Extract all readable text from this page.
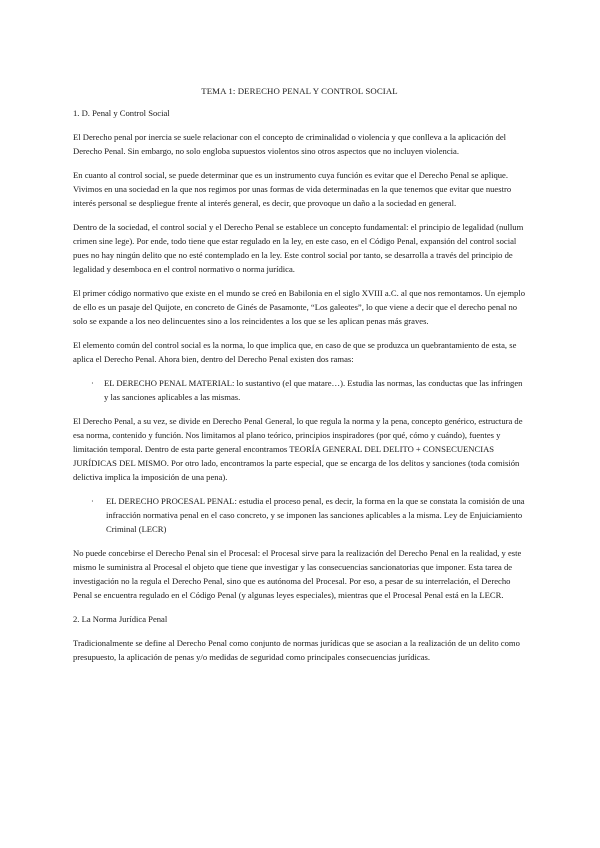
TEMA 1: DERECHO PENAL Y CONTROL SOCIAL
1. D. Penal y Control Social

El Derecho penal por inercia se suele relacionar con el concepto de criminalidad o violencia y que conlleva a la aplicación del Derecho Penal. Sin embargo, no solo engloba supuestos violentos sino otros aspectos que no incluyen violencia.

En cuanto al control social, se puede determinar que es un instrumento cuya función es evitar que el Derecho Penal se aplique. Vivimos en una sociedad en la que nos regimos por unas formas de vida determinadas en la que tenemos que evitar que nuestro interés personal se despliegue frente al interés general, es decir, que provoque un daño a la sociedad en general.

Dentro de la sociedad, el control social y el Derecho Penal se establece un concepto fundamental: el principio de legalidad (nullum crimen sine lege). Por ende, todo tiene que estar regulado en la ley, en este caso, en el Código Penal, expansión del control social pues no hay ningún delito que no esté contemplado en la ley. Este control social por tanto, se desarrolla a través del principio de legalidad y desemboca en el control normativo o norma jurídica.

El primer código normativo que existe en el mundo se creó en Babilonia en el siglo XVIII a.C. al que nos remontamos. Un ejemplo de ello es un pasaje del Quijote, en concreto de Ginés de Pasamonte, “Los galeotes”, lo que viene a decir que el derecho penal no solo se expande a los neo delincuentes sino a los reincidentes a los que se les aplican penas más graves.

El elemento común del control social es la norma, lo que implica que, en caso de que se produzca un quebrantamiento de esta, se aplica el Derecho Penal. Ahora bien, dentro del Derecho Penal existen dos ramas:

· EL DERECHO PENAL MATERIAL: lo sustantivo (el que matare…). Estudia las normas, las conductas que las infringen y las sanciones aplicables a las mismas.

El Derecho Penal, a su vez, se divide en Derecho Penal General, lo que regula la norma y la pena, concepto genérico, estructura de esa norma, contenido y función. Nos limitamos al plano teórico, principios inspiradores (por qué, cómo y cuándo), fuentes y limitación temporal. Dentro de esta parte general encontramos TEORÍA GENERAL DEL DELITO + CONSECUENCIAS JURÍDICAS DEL MISMO. Por otro lado, encontramos la parte especial, que se encarga de los delitos y sanciones (toda comisión delictiva implica la imposición de una pena).

· EL DERECHO PROCESAL PENAL: estudia el proceso penal, es decir, la forma en la que se constata la comisión de una infracción normativa penal en el caso concreto, y se imponen las sanciones aplicables a la misma. Ley de Enjuiciamiento Criminal (LECR)

No puede concebirse el Derecho Penal sin el Procesal: el Procesal sirve para la realización del Derecho Penal en la realidad, y este mismo le suministra al Procesal el objeto que tiene que investigar y las consecuencias sancionatorias que imponer. Esta tarea de investigación no la regula el Derecho Penal, sino que es autónoma del Procesal. Por eso, a pesar de su interrelación, el Derecho Penal se encuentra regulado en el Código Penal (y algunas leyes especiales), mientras que el Procesal Penal está en la LECR.

2. La Norma Jurídica Penal

Tradicionalmente se define al Derecho Penal como conjunto de normas jurídicas que se asocian a la realización de un delito como presupuesto, la aplicación de penas y/o medidas de seguridad como principales consecuencias jurídicas.
